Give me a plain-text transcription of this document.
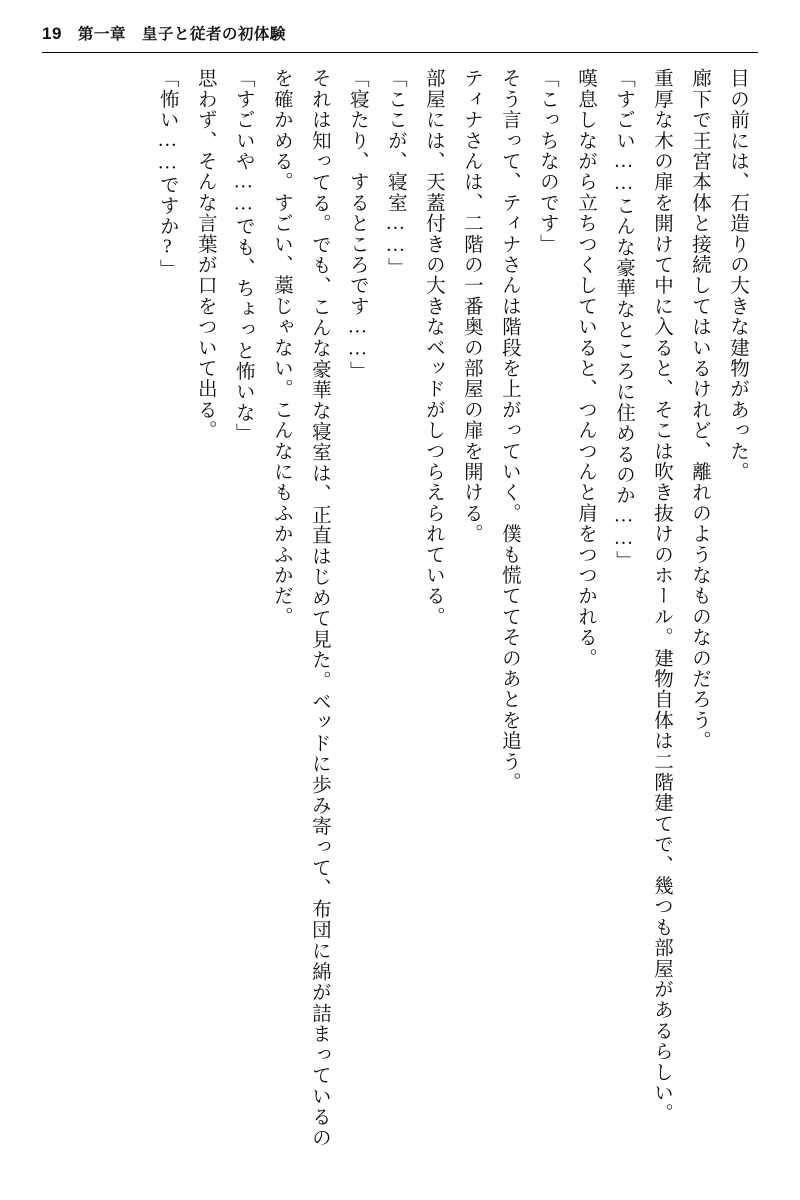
19 第一章　皇子と従者の初体験

目の前には、石造りの大きな建物があった。

廊下で王宮本体と接続してはいるけれど、離れのようなものなのだろう。

重厚な木の扉を開けて中に入ると、そこは吹き抜けのホール。建物自体は二階建てで、幾つも部屋があるらしい。

「すごい……こんな豪華なところに住めるのか……」

嘆息しながら立ちつくしていると、つんつんと肩をつつかれる。

「こっちなのです」

そう言って、ティナさんは階段を上がっていく。僕も慌ててそのあとを追う。

ティナさんは、二階の一番奥の部屋の扉を開ける。

部屋には、天蓋付きの大きなベッドがしつらえられている。

「ここが、寝室……」

「寝たり、するところです……」

それは知ってる。でも、こんな豪華な寝室は、正直はじめて見た。ベッドに歩み寄って、布団に綿が詰まっているのを確かめる。すごい、藁じゃない。こんなにもふかふかだ。

「すごいや……でも、ちょっと怖いな」

思わず、そんな言葉が口をついて出る。

「怖い……ですか?」
